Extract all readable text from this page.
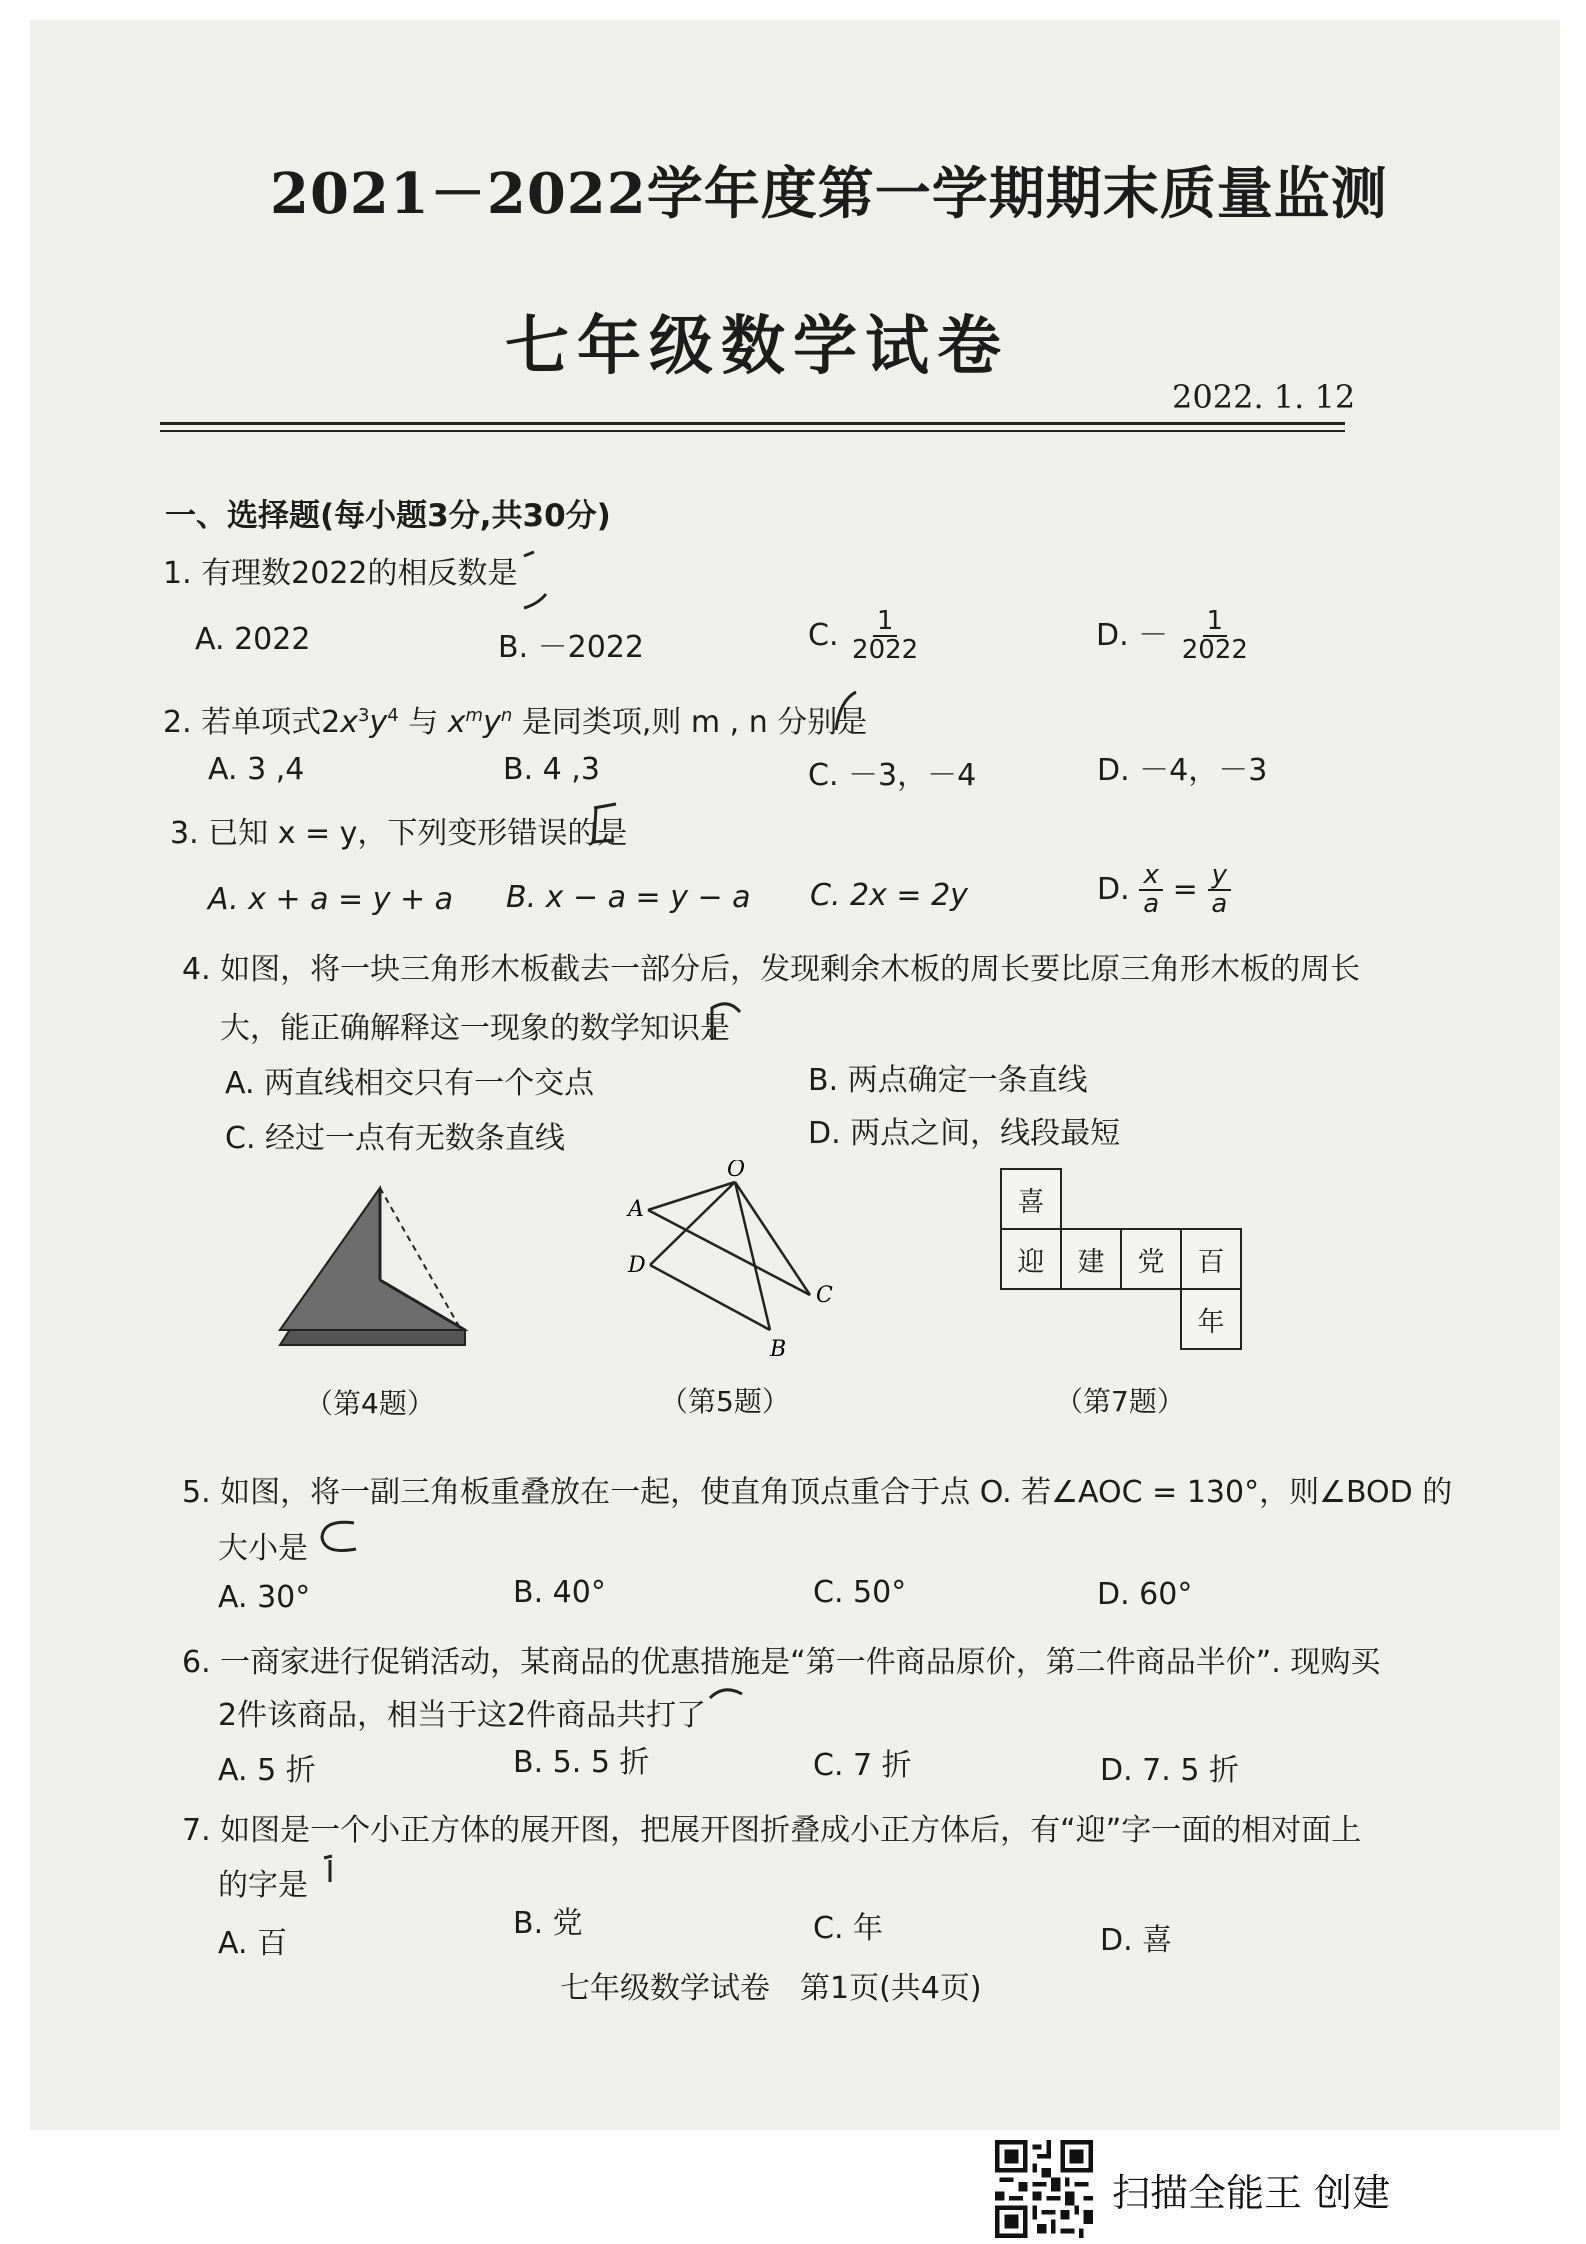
2021－2022学年度第一学期期末质量监测
七年级数学试卷
2022. 1. 12
一、选择题(每小题3分,共30分)
1. 有理数2022的相反数是
A. 2022	B. －2022	C. $\frac{1}{2022}$	D. － $\frac{1}{2022}$
2. 若单项式$2x^3y^4$ 与 $x^my^n$ 是同类项,则 m , n 分别是
A. 3 ,4	B. 4 ,3	C. －3，－4	D. －4，－3
3. 已知 x = y，下列变形错误的是
A. x + a = y + a B. x − a = y − a C. 2x = 2y	D. $\frac{x}{a} = \frac{y}{a}$
4. 如图，将一块三角形木板截去一部分后，发现剩余木板的周长要比原三角形木板的周长
大，能正确解释这一现象的数学知识是
A. 两直线相交只有一个交点	B. 两点确定一条直线
C. 经过一点有无数条直线	D. 两点之间，线段最短
（第4题）
O
A
D
C
B
（第5题）
喜
迎	建	党	百
年
（第7题）
5. 如图，将一副三角板重叠放在一起，使直角顶点重合于点 O. 若∠AOC = 130°，则∠BOD 的
大小是
A. 30°	B. 40°	C. 50°	D. 60°
6. 一商家进行促销活动，某商品的优惠措施是“第一件商品原价，第二件商品半价”. 现购买
2件该商品，相当于这2件商品共打了
A. 5 折	B. 5. 5 折	C. 7 折	D. 7. 5 折
7. 如图是一个小正方体的展开图，把展开图折叠成小正方体后，有“迎”字一面的相对面上
的字是
A. 百
B. 党	C. 年	D. 喜
七年级数学试卷　第1页(共4页)
扫描全能王 创建
